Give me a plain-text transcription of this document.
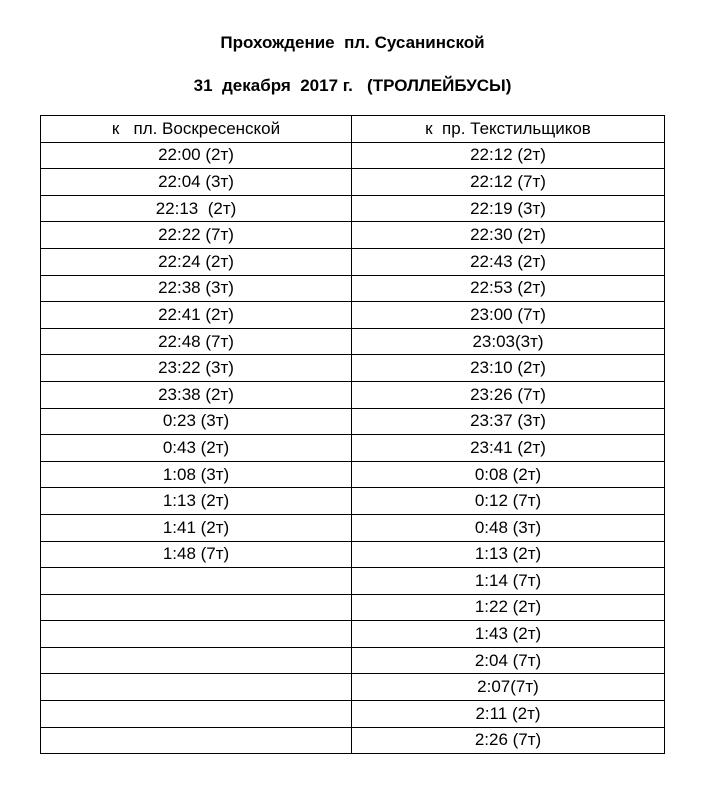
Прохождение  пл. Сусанинской
31  декабря  2017 г.   (ТРОЛЛЕЙБУСЫ)
к   пл. Воскресенской	к  пр. Текстильщиков
22:00 (2т)	22:12 (2т)
22:04 (3т)	22:12 (7т)
22:13  (2т)	22:19 (3т)
22:22 (7т)	22:30 (2т)
22:24 (2т)	22:43 (2т)
22:38 (3т)	22:53 (2т)
22:41 (2т)	23:00 (7т)
22:48 (7т)	23:03(3т)
23:22 (3т)	23:10 (2т)
23:38 (2т)	23:26 (7т)
0:23 (3т)	23:37 (3т)
0:43 (2т)	23:41 (2т)
1:08 (3т)	0:08 (2т)
1:13 (2т)	0:12 (7т)
1:41 (2т)	0:48 (3т)
1:48 (7т)	1:13 (2т)
	1:14 (7т)
	1:22 (2т)
	1:43 (2т)
	2:04 (7т)
	2:07(7т)
	2:11 (2т)
	2:26 (7т)
